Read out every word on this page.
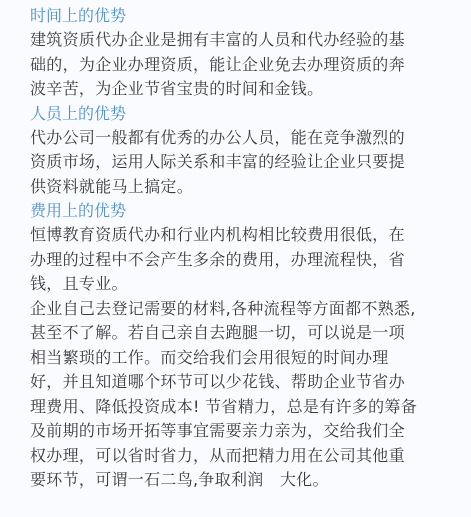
时间上的优势

建筑资质代办企业是拥有丰富的人员和代办经验的基
础的，为企业办理资质，能让企业免去办理资质的奔
波辛苦，为企业节省宝贵的时间和金钱。

人员上的优势

代办公司一般都有优秀的办公人员，能在竞争激烈的
资质市场，运用人际关系和丰富的经验让企业只要提
供资料就能马上搞定。

费用上的优势

恒博教育资质代办和行业内机构相比较费用很低，在
办理的过程中不会产生多余的费用，办理流程快，省
钱，且专业。

企业自己去登记需要的材料,各种流程等方面都不熟悉,
甚至不了解。若自己亲自去跑腿一切，可以说是一项
相当繁琐的工作。而交给我们会用很短的时间办理
好，并且知道哪个环节可以少花钱、帮助企业节省办
理费用、降低投资成本! 节省精力，总是有许多的筹备
及前期的市场开拓等事宜需要亲力亲为，交给我们全
权办理，可以省时省力，从而把精力用在公司其他重
要环节，可谓一石二鸟,争取利润　大化。
